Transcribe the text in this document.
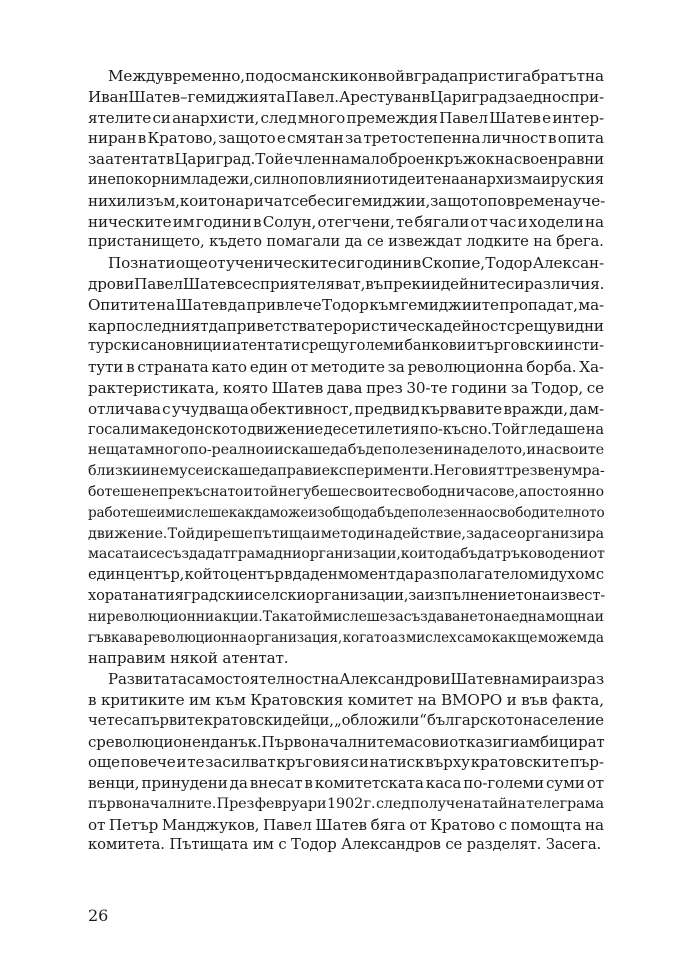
Междувременно, под османски конвой в града пристига братът на
Иван Шатев – гемиджията Павел. Арестуван в Цариград заедно с при-
ятелите си анархисти, след много премеждия Павел Шатев е интер-
ниран в Кратово, защото е смятан за третостепенна личност в опита
за атентат в Цариград. Той е член на малоброен кръжок на своенравни
и непокорни младежи, силно повлияни от идеите на анархизма и руския
нихилизъм, които наричат себе си гемиджии, защото по време на уче-
ническите им години в Солун, отегчени, те бягали от час и ходели на
пристанището, където помагали да се извеждат лодките на брега.
Познати още от ученическите си години в Скопие, Тодор Алексан-
дров и Павел Шатев се сприятеляват, въпреки идейните си различия.
Опитите на Шатев да привлече Тодор към гемиджиите пропадат, ма-
кар последният да приветства терористическа дейност срещу видни
турски сановници и атентати срещу големи банкови и търговски инсти-
тути в страната като един от методите за революционна борба. Ха-
рактеристиката, която Шатев дава през 30-те години за Тодор, се
отличава с учудваща обективност, предвид кървавите вражди, дам-
госали македонското движение десетилетия по-късно. Той гледаше на
нещата много по-реално и искаше да бъде полезен и на делото, и на своите
близки и не му се искаше да прави експерименти. Неговият трезвен ум ра-
ботеше непрекъснато и той не губеше своите свободни часове, а постоянно
работеше и мислеше как да може изобщо да бъде полезен на освободителното
движение. Той диреше пътища и методи на действие, за да се организира
масата и се създадат грамадни организации, които да бъдат ръководени от
един център, който център в даден момент да разполага телом и духом с
хората на тия градски и селски организации, за изпълнението на извест-
ни революционни акции. Така той мислеше за създаването на една мощна и
гъвкава революционна организация, когато аз мислех само как ще можем да
направим някой атентат.
Развитата самостоятелност на Александров и Шатев намира израз
в критиките им към Кратовския комитет на ВМОРО и във факта,
че те са първите кратовски дейци, „обложили“ българското население
с революционен данък. Първоначалните масови откази ги амбицират
още повече и те засилват кръговия си натиск върху кратовските пър-
венци, принудени да внесат в комитетската каса по-големи суми от
първоначалните. През февруари 1902 г. след получена тайна телеграма
от Петър Манджуков, Павел Шатев бяга от Кратово с помощта на
комитета. Пътищата им с Тодор Александров се разделят. Засега.
26
